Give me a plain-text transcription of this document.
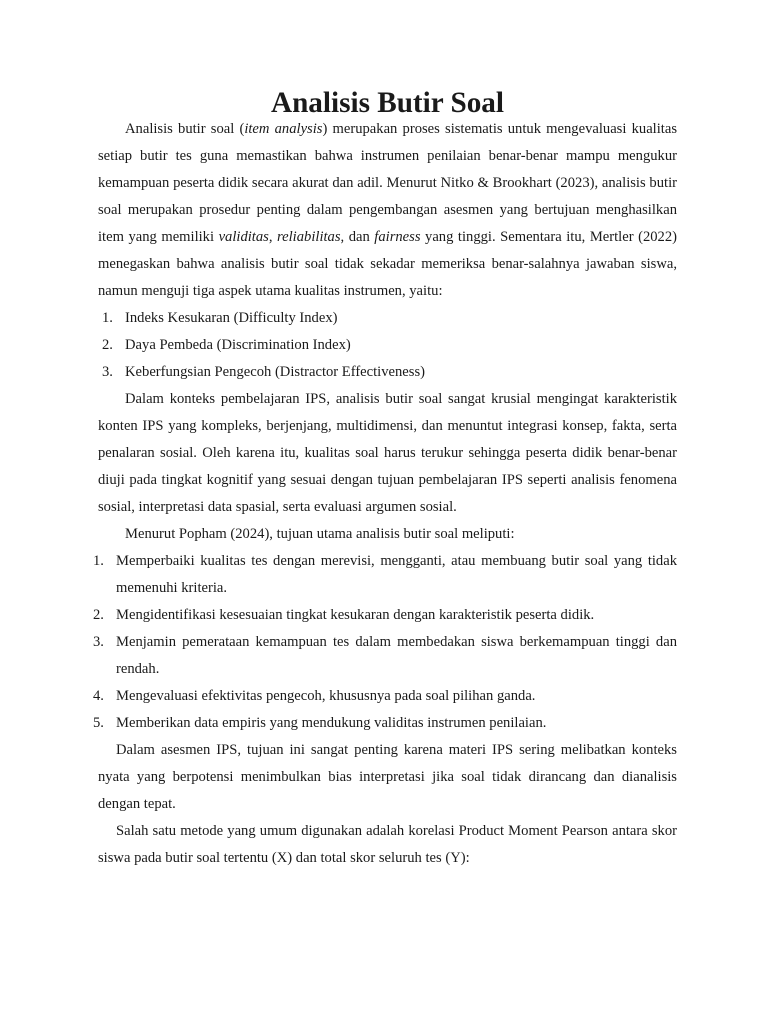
Analisis Butir Soal

Analisis butir soal (item analysis) merupakan proses sistematis untuk mengevaluasi kualitas setiap butir tes guna memastikan bahwa instrumen penilaian benar-benar mampu mengukur kemampuan peserta didik secara akurat dan adil. Menurut Nitko & Brookhart (2023), analisis butir soal merupakan prosedur penting dalam pengembangan asesmen yang bertujuan menghasilkan item yang memiliki validitas, reliabilitas, dan fairness yang tinggi. Sementara itu, Mertler (2022) menegaskan bahwa analisis butir soal tidak sekadar memeriksa benar-salahnya jawaban siswa, namun menguji tiga aspek utama kualitas instrumen, yaitu:

1. Indeks Kesukaran (Difficulty Index)
2. Daya Pembeda (Discrimination Index)
3. Keberfungsian Pengecoh (Distractor Effectiveness)

Dalam konteks pembelajaran IPS, analisis butir soal sangat krusial mengingat karakteristik konten IPS yang kompleks, berjenjang, multidimensi, dan menuntut integrasi konsep, fakta, serta penalaran sosial. Oleh karena itu, kualitas soal harus terukur sehingga peserta didik benar-benar diuji pada tingkat kognitif yang sesuai dengan tujuan pembelajaran IPS seperti analisis fenomena sosial, interpretasi data spasial, serta evaluasi argumen sosial.

Menurut Popham (2024), tujuan utama analisis butir soal meliputi:

1. Memperbaiki kualitas tes dengan merevisi, mengganti, atau membuang butir soal yang tidak memenuhi kriteria.
2. Mengidentifikasi kesesuaian tingkat kesukaran dengan karakteristik peserta didik.
3. Menjamin pemerataan kemampuan tes dalam membedakan siswa berkemampuan tinggi dan rendah.
4. Mengevaluasi efektivitas pengecoh, khususnya pada soal pilihan ganda.
5. Memberikan data empiris yang mendukung validitas instrumen penilaian.

Dalam asesmen IPS, tujuan ini sangat penting karena materi IPS sering melibatkan konteks nyata yang berpotensi menimbulkan bias interpretasi jika soal tidak dirancang dan dianalisis dengan tepat.

Salah satu metode yang umum digunakan adalah korelasi Product Moment Pearson antara skor siswa pada butir soal tertentu (X) dan total skor seluruh tes (Y):
